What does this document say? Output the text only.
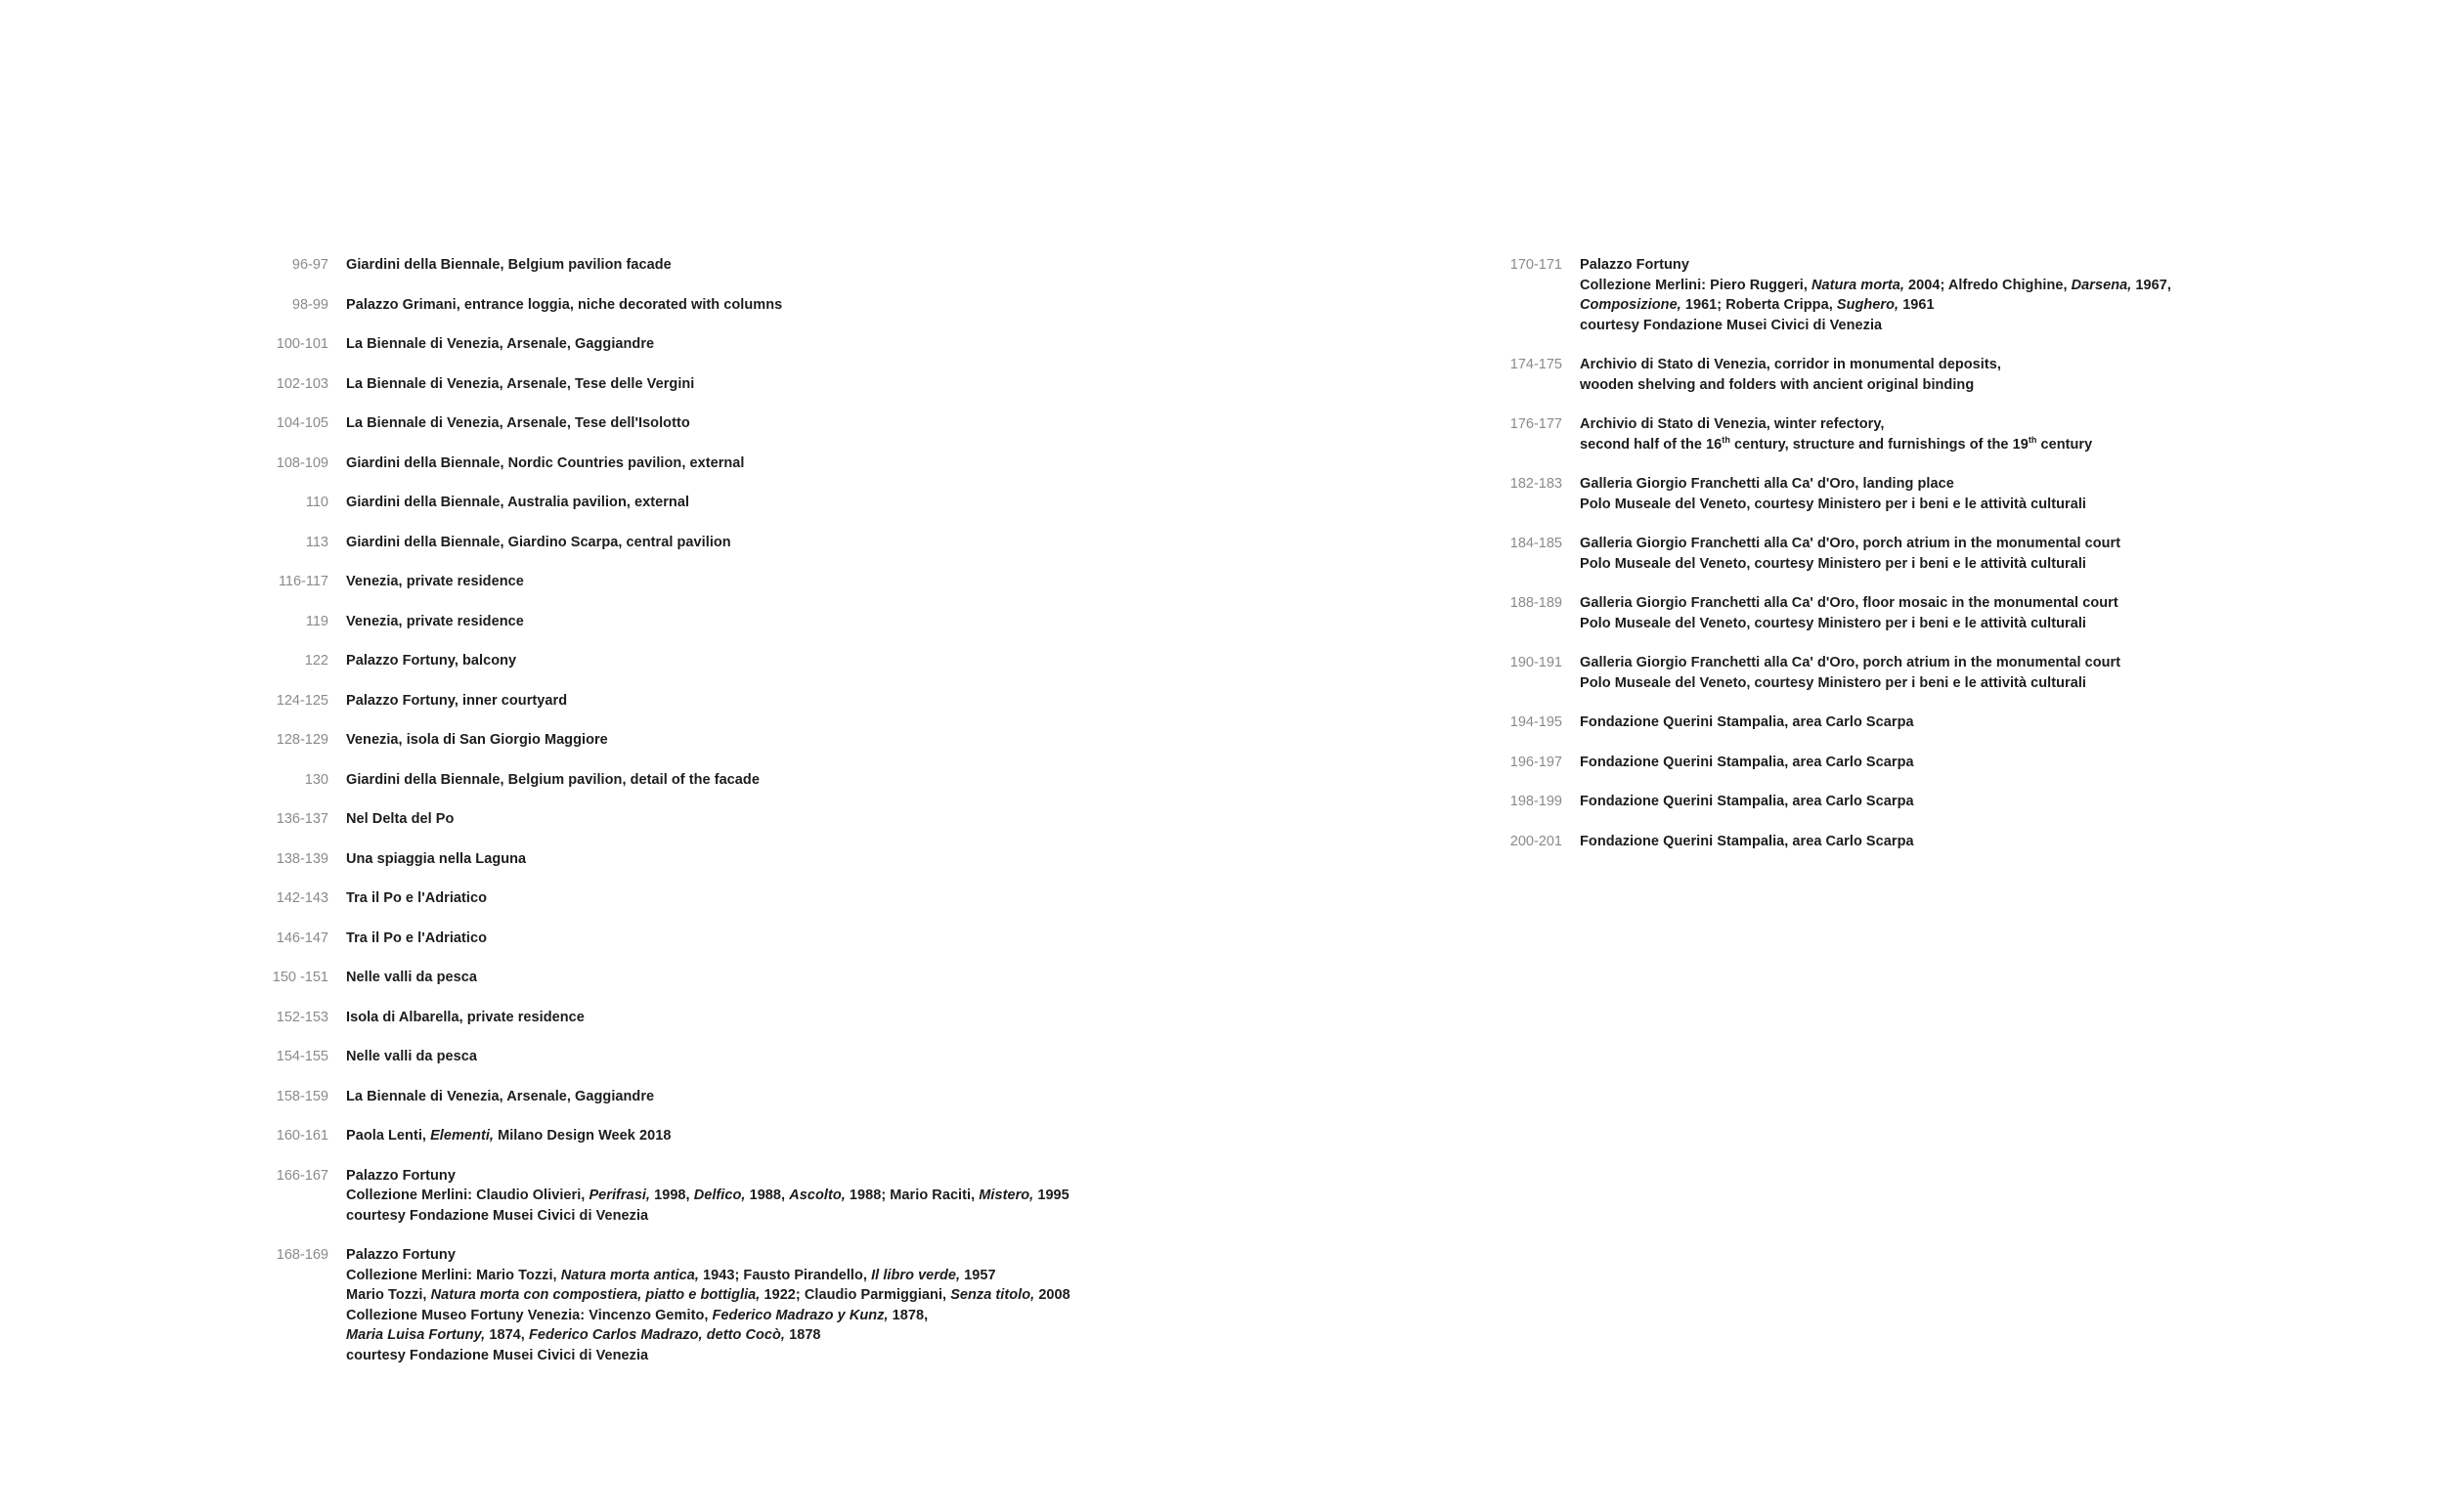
96-97 Giardini della Biennale, Belgium pavilion facade
98-99 Palazzo Grimani, entrance loggia, niche decorated with columns
100-101 La Biennale di Venezia, Arsenale, Gaggiandre
102-103 La Biennale di Venezia, Arsenale, Tese delle Vergini
104-105 La Biennale di Venezia, Arsenale, Tese dell'Isolotto
108-109 Giardini della Biennale, Nordic Countries pavilion, external
110 Giardini della Biennale, Australia pavilion, external
113 Giardini della Biennale, Giardino Scarpa, central pavilion
116-117 Venezia, private residence
119 Venezia, private residence
122 Palazzo Fortuny, balcony
124-125 Palazzo Fortuny, inner courtyard
128-129 Venezia, isola di San Giorgio Maggiore
130 Giardini della Biennale, Belgium pavilion, detail of the facade
136-137 Nel Delta del Po
138-139 Una spiaggia nella Laguna
142-143 Tra il Po e l'Adriatico
146-147 Tra il Po e l'Adriatico
150 -151 Nelle valli da pesca
152-153 Isola di Albarella, private residence
154-155 Nelle valli da pesca
158-159 La Biennale di Venezia, Arsenale, Gaggiandre
160-161 Paola Lenti, Elementi, Milano Design Week 2018
166-167 Palazzo Fortuny
Collezione Merlini: Claudio Olivieri, Perifrasi, 1998, Delfico, 1988, Ascolto, 1988; Mario Raciti, Mistero, 1995
courtesy Fondazione Musei Civici di Venezia
168-169 Palazzo Fortuny
Collezione Merlini: Mario Tozzi, Natura morta antica, 1943; Fausto Pirandello, Il libro verde, 1957
Mario Tozzi, Natura morta con compostiera, piatto e bottiglia, 1922; Claudio Parmiggiani, Senza titolo, 2008
Collezione Museo Fortuny Venezia: Vincenzo Gemito, Federico Madrazo y Kunz, 1878,
Maria Luisa Fortuny, 1874, Federico Carlos Madrazo, detto Cocò, 1878
courtesy Fondazione Musei Civici di Venezia
170-171 Palazzo Fortuny
Collezione Merlini: Piero Ruggeri, Natura morta, 2004; Alfredo Chighine, Darsena, 1967,
Composizione, 1961; Roberta Crippa, Sughero, 1961
courtesy Fondazione Musei Civici di Venezia
174-175 Archivio di Stato di Venezia, corridor in monumental deposits,
wooden shelving and folders with ancient original binding
176-177 Archivio di Stato di Venezia, winter refectory,
second half of the 16th century, structure and furnishings of the 19th century
182-183 Galleria Giorgio Franchetti alla Ca' d'Oro, landing place
Polo Museale del Veneto, courtesy Ministero per i beni e le attività culturali
184-185 Galleria Giorgio Franchetti alla Ca' d'Oro, porch atrium in the monumental court
Polo Museale del Veneto, courtesy Ministero per i beni e le attività culturali
188-189 Galleria Giorgio Franchetti alla Ca' d'Oro, floor mosaic in the monumental court
Polo Museale del Veneto, courtesy Ministero per i beni e le attività culturali
190-191 Galleria Giorgio Franchetti alla Ca' d'Oro, porch atrium in the monumental court
Polo Museale del Veneto, courtesy Ministero per i beni e le attività culturali
194-195 Fondazione Querini Stampalia, area Carlo Scarpa
196-197 Fondazione Querini Stampalia, area Carlo Scarpa
198-199 Fondazione Querini Stampalia, area Carlo Scarpa
200-201 Fondazione Querini Stampalia, area Carlo Scarpa
